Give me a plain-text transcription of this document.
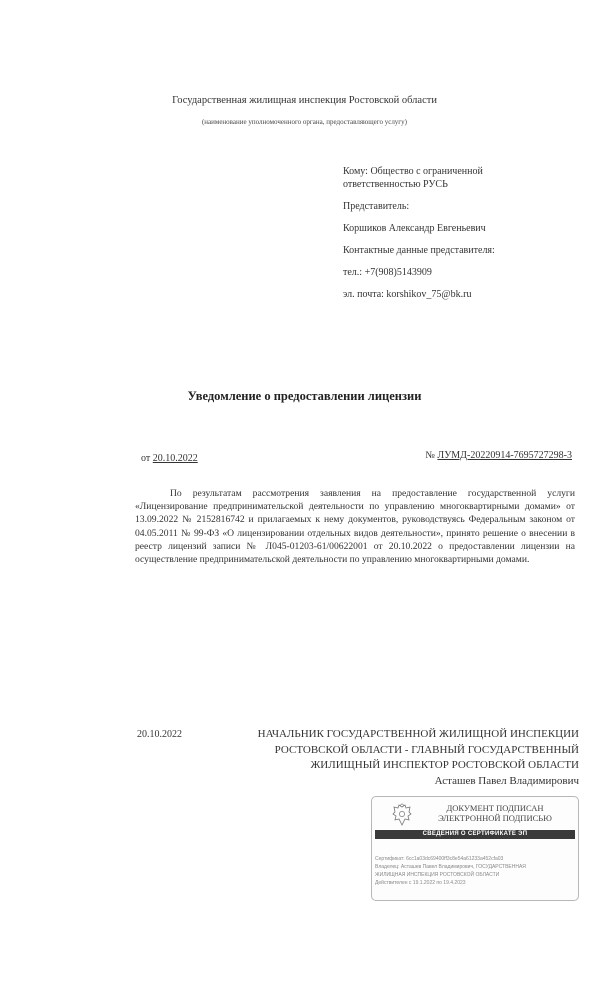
Государственная жилищная инспекция Ростовской области
(наименование уполномоченного органа, предоставляющего услугу)
Кому: Общество с ограниченной
ответственностью РУСЬ
Представитель:
Коршиков Александр Евгеньевич
Контактные данные представителя:
тел.: +7(908)5143909
эл. почта: korshikov_75@bk.ru
Уведомление о предоставлении лицензии
от 20.10.2022	№ ЛУМД-20220914-7695727298-3
По результатам рассмотрения заявления на предоставление государственной услуги «Лицензирование предпринимательской деятельности по управлению многоквартирными домами» от 13.09.2022 № 2152816742 и прилагаемых к нему документов, руководствуясь Федеральным законом от 04.05.2011 № 99-ФЗ «О лицензировании отдельных видов деятельности», принято решение о внесении в реестр лицензий записи № Л045-01203-61/00622001 от 20.10.2022 о предоставлении лицензии на осуществление предпринимательской деятельности по управлению многоквартирными домами.
20.10.2022	НАЧАЛЬНИК ГОСУДАРСТВЕННОЙ ЖИЛИЩНОЙ ИНСПЕКЦИИ
РОСТОВСКОЙ ОБЛАСТИ - ГЛАВНЫЙ ГОСУДАРСТВЕННЫЙ
ЖИЛИЩНЫЙ ИНСПЕКТОР РОСТОВСКОЙ ОБЛАСТИ
Асташев Павел Владимирович
ДОКУМЕНТ ПОДПИСАН
ЭЛЕКТРОННОЙ ПОДПИСЬЮ
СВЕДЕНИЯ О СЕРТИФИКАТЕ ЭП
Сертификат: 6cc1a03dc69400ff3c8e54a61233a452cfa03
Владелец: Асташев Павел Владимирович, ГОСУДАРСТВЕННАЯ
ЖИЛИЩНАЯ ИНСПЕКЦИЯ РОСТОВСКОЙ ОБЛАСТИ
Действителен с 19.1.2022 по 19.4.2023
